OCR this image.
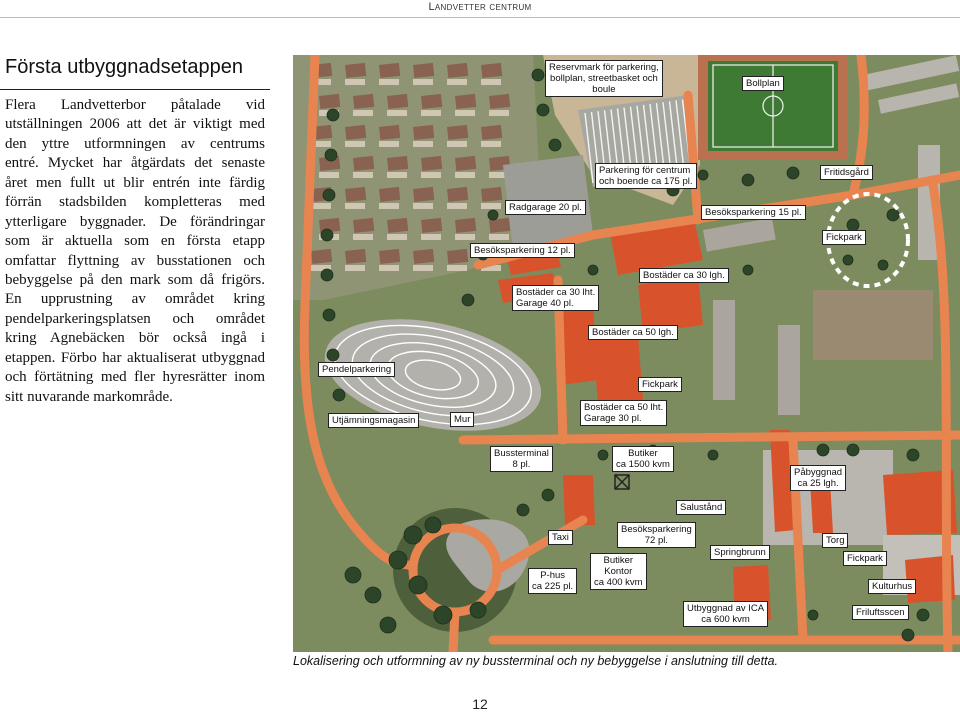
Landvetter centrum
Första utbyggnadsetappen
Flera Landvetterbor påtalade vid
utställningen 2006 att det är viktigt med
den yttre utformningen av centrums
entré. Mycket har åtgärdats det senaste
året men fullt ut blir entrén inte färdig
förrän stadsbilden kompletteras med
ytterligare byggnader. De förändringar
som är aktuella som en första etapp
omfattar flyttning av busstationen och
bebyggelse på den mark som då frigörs.
En upprustning av området kring
pendelparkeringsplatsen och området
kring Agnebäcken bör också ingå i
etappen. Förbo har aktualiserat utbyggnad
och förtätning med fler hyresrätter inom
sitt nuvarande markområde.
Reservmark för parkering,
bollplan, streetbasket och
boule
Bollplan
Parkering för centrum
och boende ca 175 pl.
Fritidsgård
Radgarage 20 pl.	Besöksparkering 15 pl.
Fickpark
Besöksparkering 12 pl.
Bostäder ca 30 lht.
Garage 40 pl.
Bostäder ca 30 lgh.
Bostäder ca 50 lgh.
Pendelparkering
Fickpark
Bostäder ca 50 lht.
Garage 30 pl.
Utjämningsmagasin	Mur
Bussterminal
8 pl.
Butiker
ca 1500 kvm
Påbyggnad
ca 25 lgh.
Salustånd
Besöksparkering
72 pl.
Taxi
Springbrunn
Torg
Fickpark
Butiker
Kontor
ca 400 kvm
P-hus
ca 225 pl.	Kulturhus
Utbyggnad av ICA
ca 600 kvm
Friluftsscen
Lokalisering och utformning av ny bussterminal och ny bebyggelse i anslutning till detta.
12
